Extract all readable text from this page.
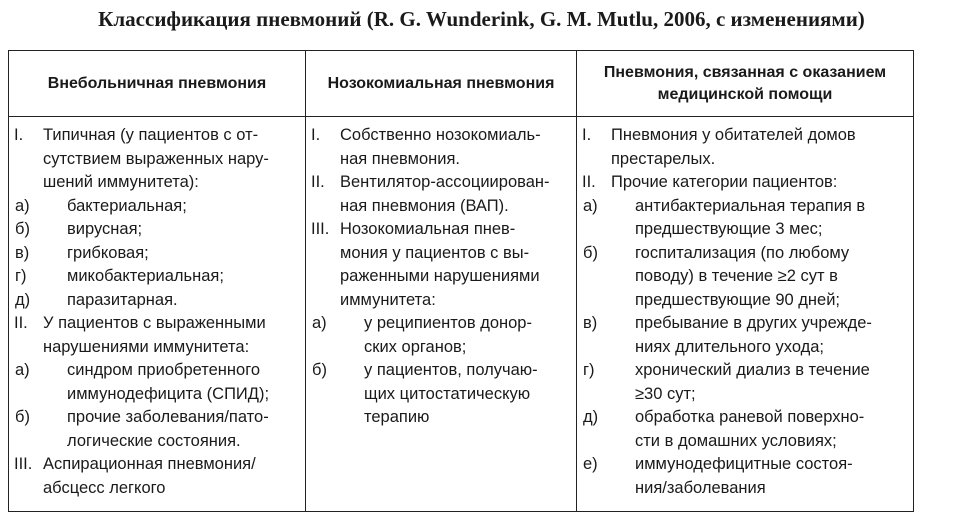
Классификация пневмоний (R. G. Wunderink, G. M. Mutlu, 2006, с изменениями)
Внебольничная пневмония
I. Типичная (у пациентов с от-
сутствием выраженных нару-
шений иммунитета):
а) бактериальная;
б) вирусная;
в) грибковая;
г) микобактериальная;
д) паразитарная.
II. У пациентов с выраженными
нарушениями иммунитета:
а) синдром приобретенного
иммунодефицита (СПИД);
б) прочие заболевания/пато-
логические состояния.
III. Аспирационная пневмония/
абсцесс легкого
Нозокомиальная пневмония
I. Собственно нозокомиаль-
ная пневмония.
II. Вентилятор-ассоциирован-
ная пневмония (ВАП).
III. Нозокомиальная пнев-
мония у пациентов с вы-
раженными нарушениями
иммунитета:
а) у реципиентов донор-
ских органов;
б) у пациентов, получаю-
щих цитостатическую
терапию
Пневмония, связанная с оказанием медицинской помощи
I. Пневмония у обитателей домов
престарелых.
II. Прочие категории пациентов:
а) антибактериальная терапия в
предшествующие 3 мес;
б) госпитализация (по любому
поводу) в течение ≥2 сут в
предшествующие 90 дней;
в) пребывание в других учрежде-
ниях длительного ухода;
г) хронический диализ в течение
≥30 сут;
д) обработка раневой поверхно-
сти в домашних условиях;
е) иммунодефицитные состоя-
ния/заболевания
